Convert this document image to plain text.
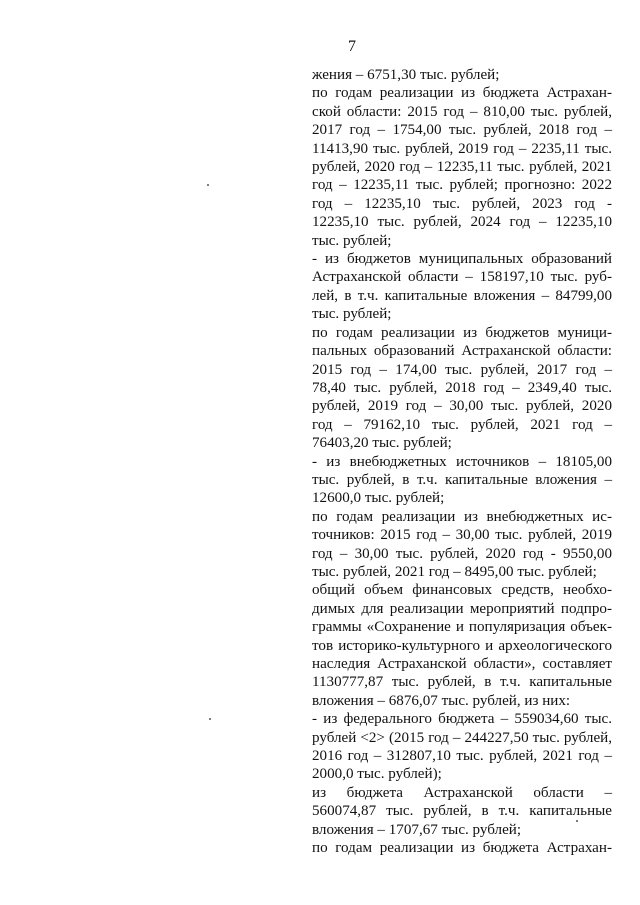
7
жения – 6751,30 тыс. рублей;
по годам реализации из бюджета Астрахан-
ской области: 2015 год – 810,00 тыс. рублей,
2017 год – 1754,00 тыс. рублей, 2018 год –
11413,90 тыс. рублей, 2019 год – 2235,11 тыс.
рублей, 2020 год – 12235,11 тыс. рублей, 2021
год – 12235,11 тыс. рублей; прогнозно: 2022
год – 12235,10 тыс. рублей, 2023 год -
12235,10 тыс. рублей, 2024 год – 12235,10
тыс. рублей;
- из бюджетов муниципальных образований
Астраханской области – 158197,10 тыс. руб-
лей, в т.ч. капитальные вложения – 84799,00
тыс. рублей;
по годам реализации из бюджетов муници-
пальных образований Астраханской области:
2015 год – 174,00 тыс. рублей, 2017 год –
78,40 тыс. рублей, 2018 год – 2349,40 тыс.
рублей, 2019 год – 30,00 тыс. рублей, 2020
год – 79162,10 тыс. рублей, 2021 год –
76403,20 тыс. рублей;
- из внебюджетных источников – 18105,00
тыс. рублей, в т.ч. капитальные вложения –
12600,0 тыс. рублей;
по годам реализации из внебюджетных ис-
точников: 2015 год – 30,00 тыс. рублей, 2019
год – 30,00 тыс. рублей, 2020 год - 9550,00
тыс. рублей, 2021 год – 8495,00 тыс. рублей;
общий объем финансовых средств, необхо-
димых для реализации мероприятий подпро-
граммы «Сохранение и популяризация объек-
тов историко-культурного и археологического
наследия Астраханской области», составляет
1130777,87 тыс. рублей, в т.ч. капитальные
вложения – 6876,07 тыс. рублей, из них:
- из федерального бюджета – 559034,60 тыс.
рублей <2> (2015 год – 244227,50 тыс. рублей,
2016 год – 312807,10 тыс. рублей, 2021 год –
2000,0 тыс. рублей);
из бюджета Астраханской области –
560074,87 тыс. рублей, в т.ч. капитальные
вложения – 1707,67 тыс. рублей;
по годам реализации из бюджета Астрахан-
